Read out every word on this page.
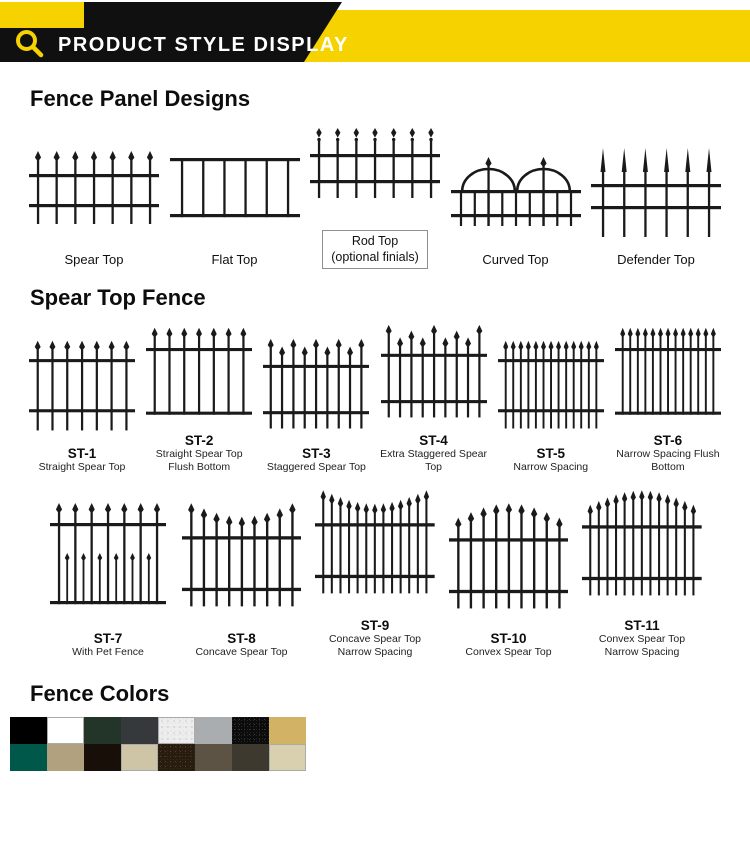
PRODUCT STYLE DISPLAY
Fence Panel Designs
Spear Top	Flat Top
Rod Top
(optional finials)	Curved Top	Defender Top
Spear Top Fence
ST-1
Straight Spear Top
ST-2
Straight Spear Top Flush Bottom
ST-3
Staggered Spear Top
ST-4
Extra Staggered Spear Top
ST-5
Narrow Spacing
ST-6
Narrow Spacing Flush Bottom
ST-7
With Pet Fence
ST-8
Concave Spear Top
ST-9
Concave Spear Top Narrow Spacing
ST-10
Convex Spear Top
ST-11
Convex Spear Top Narrow Spacing
Fence Colors
